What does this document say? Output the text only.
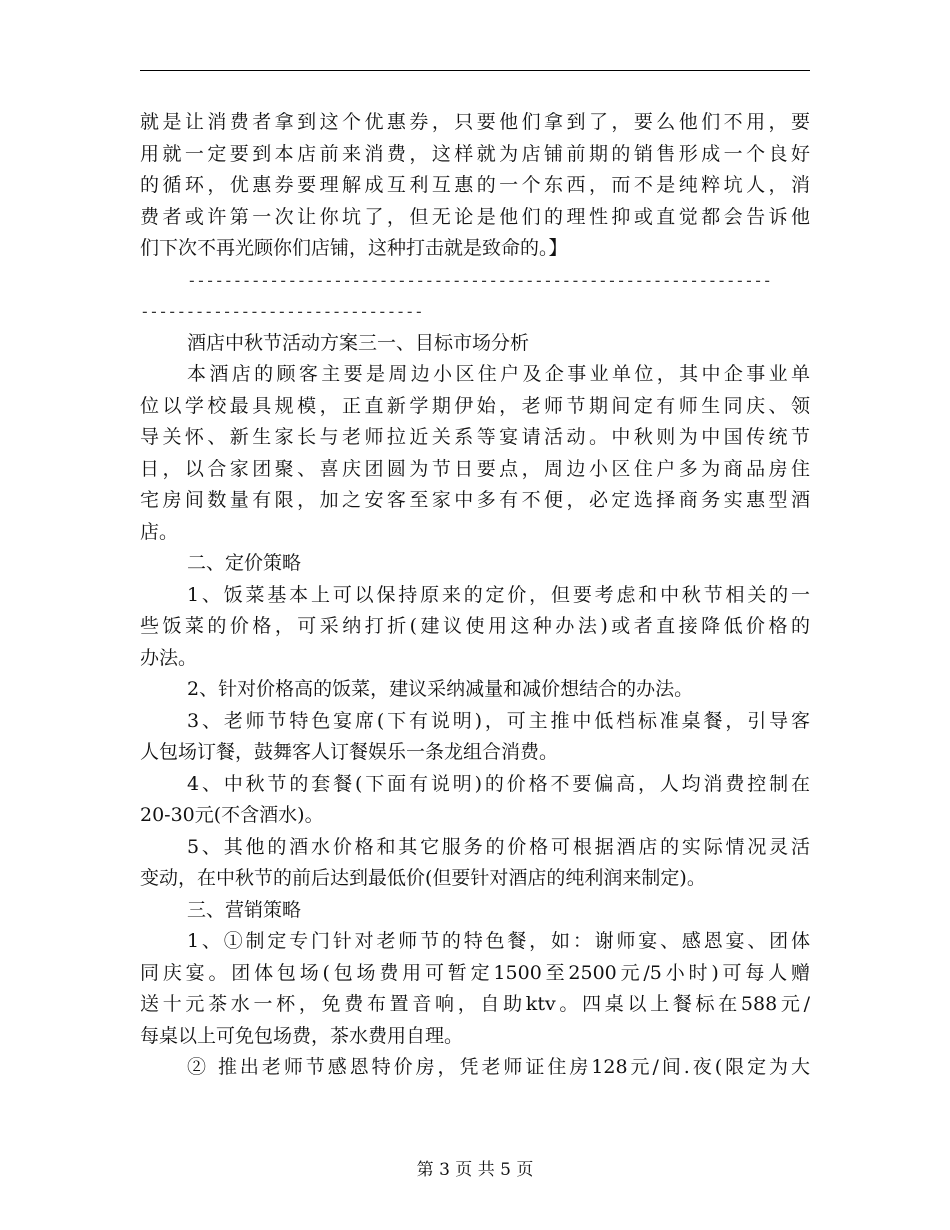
就是让消费者拿到这个优惠券，只要他们拿到了，要么他们不用，要
用就一定要到本店前来消费，这样就为店铺前期的销售形成一个良好
的循环，优惠券要理解成互利互惠的一个东西，而不是纯粹坑人，消
费者或许第一次让你坑了，但无论是他们的理性抑或直觉都会告诉他
们下次不再光顾你们店铺，这种打击就是致命的。】
----------------------------------------------------------------
-------------------------------
酒店中秋节活动方案三一、目标市场分析
本酒店的顾客主要是周边小区住户及企事业单位，其中企事业单
位以学校最具规模，正直新学期伊始，老师节期间定有师生同庆、领
导关怀、新生家长与老师拉近关系等宴请活动。中秋则为中国传统节
日，以合家团聚、喜庆团圆为节日要点，周边小区住户多为商品房住
宅房间数量有限，加之安客至家中多有不便，必定选择商务实惠型酒
店。
二、定价策略
1、饭菜基本上可以保持原来的定价，但要考虑和中秋节相关的一
些饭菜的价格，可采纳打折(建议使用这种办法)或者直接降低价格的
办法。
2、针对价格高的饭菜，建议采纳减量和减价想结合的办法。
3、老师节特色宴席(下有说明)，可主推中低档标准桌餐，引导客
人包场订餐，鼓舞客人订餐娱乐一条龙组合消费。
4、中秋节的套餐(下面有说明)的价格不要偏高，人均消费控制在
20-30元(不含酒水)。
5、其他的酒水价格和其它服务的价格可根据酒店的实际情况灵活
变动，在中秋节的前后达到最低价(但要针对酒店的纯利润来制定)。
三、营销策略
1、①制定专门针对老师节的特色餐，如：谢师宴、感恩宴、团体
同庆宴。团体包场(包场费用可暂定1500至2500元/5小时)可每人赠
送十元茶水一杯，免费布置音响，自助ktv。四桌以上餐标在588元/
每桌以上可免包场费，茶水费用自理。
② 推出老师节感恩特价房，凭老师证住房128元/间.夜(限定为大
第 3 页 共 5 页
